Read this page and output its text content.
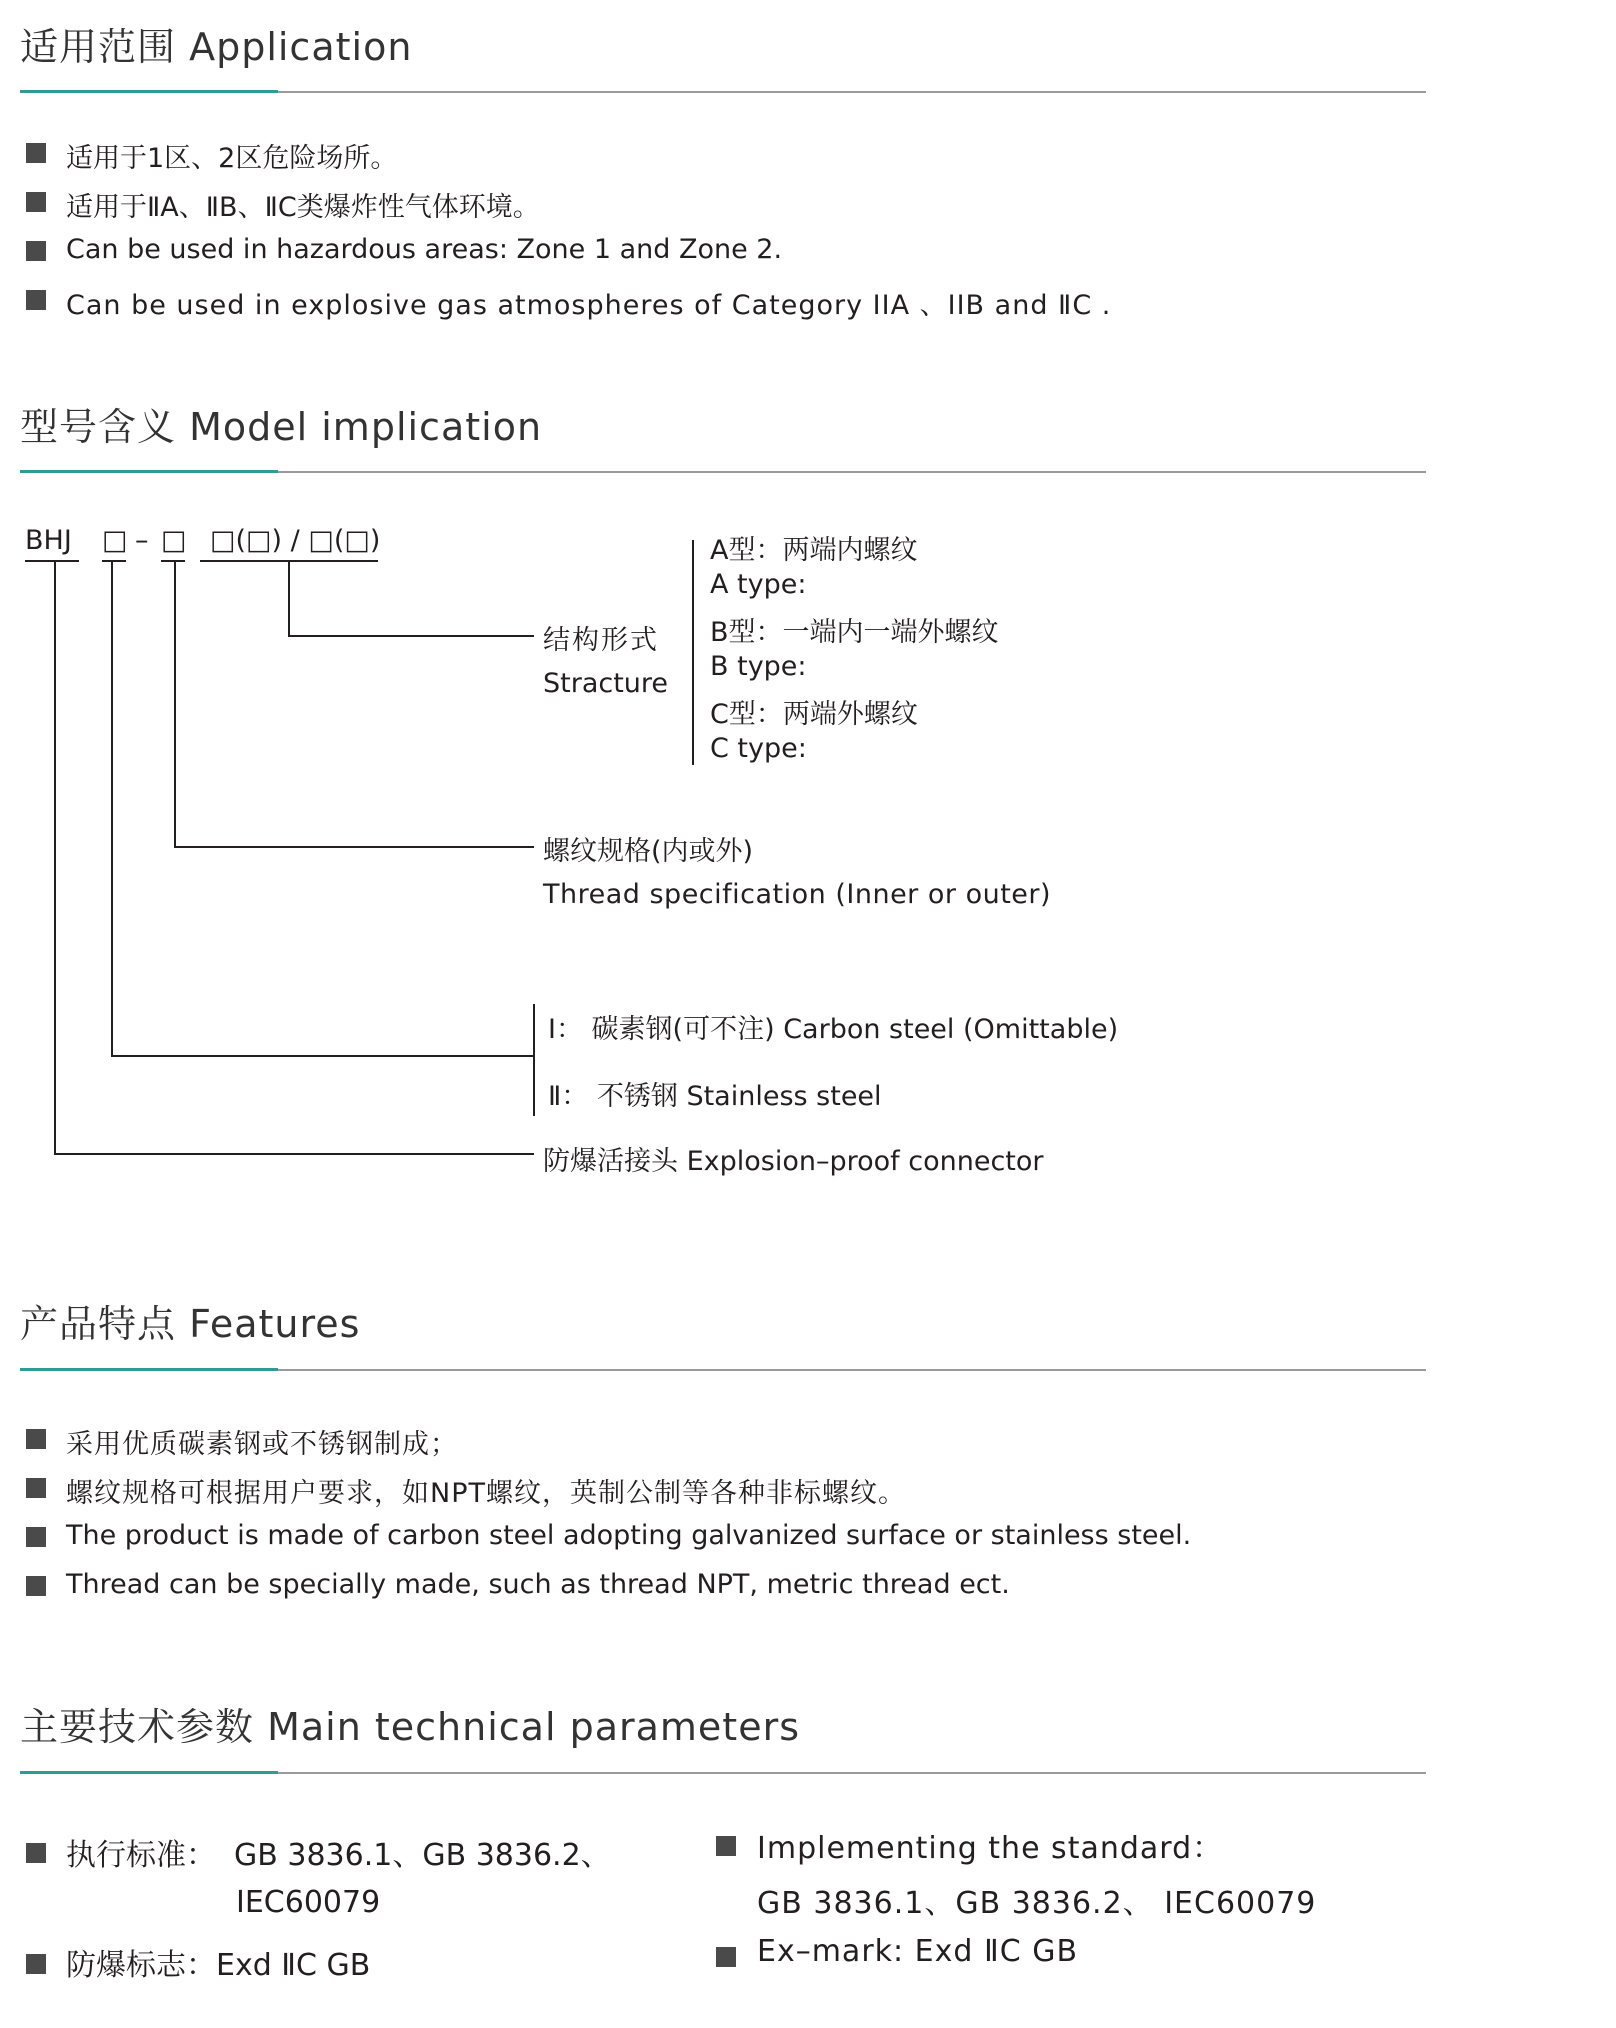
适用范围 Application
适用于1区、2区危险场所。
适用于ⅡA、ⅡB、ⅡC类爆炸性气体环境。
Can be used in hazardous areas: Zone 1 and Zone 2.
Can be used in explosive gas atmospheres of Category IIA 、IIB and ⅡC .
型号含义 Model implication
BHJ □ – □ □(□) / □(□)
结构形式
Stracture
A型：两端内螺纹
A type:
B型：一端内一端外螺纹
B type:
C型：两端外螺纹
C type:
螺纹规格(内或外)
Thread specification (Inner or outer)
Ⅰ： 碳素钢(可不注) Carbon steel (Omittable)
Ⅱ： 不锈钢 Stainless steel
防爆活接头 Explosion–proof connector
产品特点 Features
采用优质碳素钢或不锈钢制成；
螺纹规格可根据用户要求，如NPT螺纹，英制公制等各种非标螺纹。
The product is made of carbon steel adopting galvanized surface or stainless steel.
Thread can be specially made, such as thread NPT, metric thread ect.
主要技术参数 Main technical parameters
执行标准： GB 3836.1、GB 3836.2、
IEC60079
防爆标志：Exd ⅡC GB
Implementing the standard：
GB 3836.1、GB 3836.2、 IEC60079
Ex–mark: Exd ⅡC GB
